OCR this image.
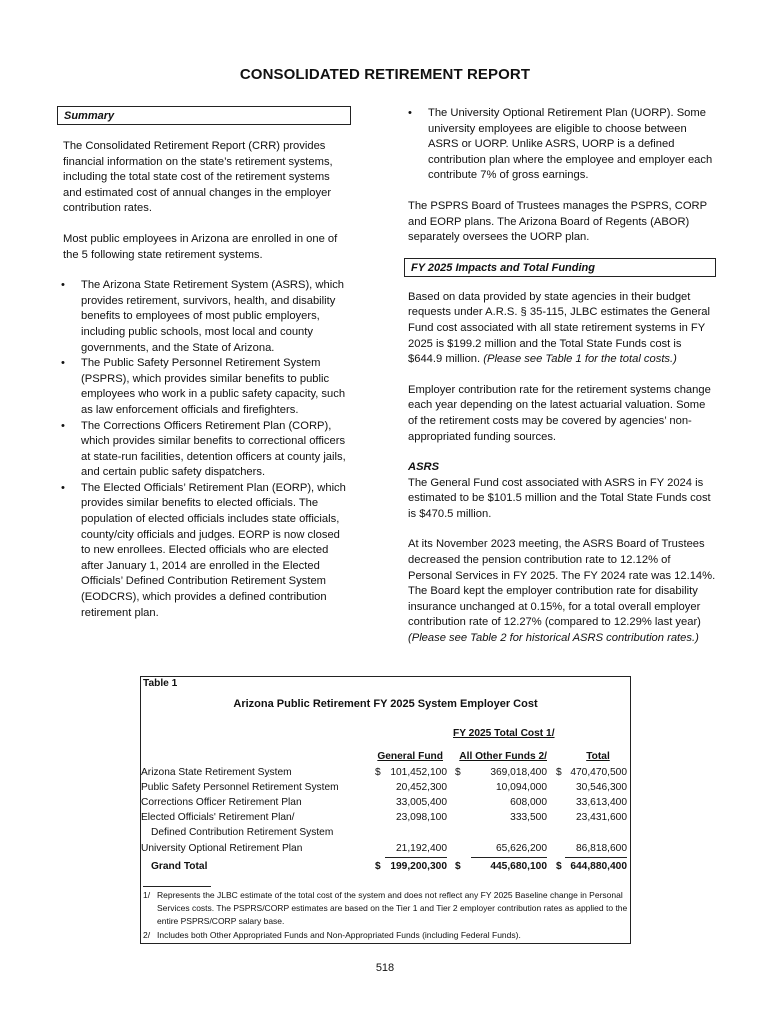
CONSOLIDATED RETIREMENT REPORT
Summary

The Consolidated Retirement Report (CRR) provides financial information on the state’s retirement systems, including the total state cost of the retirement systems and estimated cost of annual changes in the employer contribution rates.

Most public employees in Arizona are enrolled in one of the 5 following state retirement systems.

• The Arizona State Retirement System (ASRS), which provides retirement, survivors, health, and disability benefits to employees of most public employers, including public schools, most local and county governments, and the State of Arizona.
• The Public Safety Personnel Retirement System (PSPRS), which provides similar benefits to public employees who work in a public safety capacity, such as law enforcement officials and firefighters.
• The Corrections Officers Retirement Plan (CORP), which provides similar benefits to correctional officers at state-run facilities, detention officers at county jails, and certain public safety dispatchers.
• The Elected Officials’ Retirement Plan (EORP), which provides similar benefits to elected officials. The population of elected officials includes state officials, county/city officials and judges. EORP is now closed to new enrollees. Elected officials who are elected after January 1, 2014 are enrolled in the Elected Officials’ Defined Contribution Retirement System (EODCRS), which provides a defined contribution retirement plan.
• The University Optional Retirement Plan (UORP). Some university employees are eligible to choose between ASRS or UORP. Unlike ASRS, UORP is a defined contribution plan where the employee and employer each contribute 7% of gross earnings.

The PSPRS Board of Trustees manages the PSPRS, CORP and EORP plans. The Arizona Board of Regents (ABOR) separately oversees the UORP plan.

FY 2025 Impacts and Total Funding

Based on data provided by state agencies in their budget requests under A.R.S. § 35-115, JLBC estimates the General Fund cost associated with all state retirement systems in FY 2025 is $199.2 million and the Total State Funds cost is $644.9 million. (Please see Table 1 for the total costs.)

Employer contribution rate for the retirement systems change each year depending on the latest actuarial valuation. Some of the retirement costs may be covered by agencies’ non-appropriated funding sources.

ASRS

The General Fund cost associated with ASRS in FY 2024 is estimated to be $101.5 million and the Total State Funds cost is $470.5 million.

At its November 2023 meeting, the ASRS Board of Trustees decreased the pension contribution rate to 12.12% of Personal Services in FY 2025. The FY 2024 rate was 12.14%. The Board kept the employer contribution rate for disability insurance unchanged at 0.15%, for a total overall employer contribution rate of 12.27% (compared to 12.29% last year) (Please see Table 2 for historical ASRS contribution rates.)

Table 1
Arizona Public Retirement FY 2025 System Employer Cost
FY 2025 Total Cost 1/
General Fund All Other Funds 2/	Total
Arizona State Retirement System	$ 101,452,100 $	369,018,400 $ 470,470,500
Public Safety Personnel Retirement System	20,452,300	10,094,000	30,546,300
Corrections Officer Retirement Plan	33,005,400	608,000	33,613,400
Elected Officials' Retirement Plan/	23,098,100	333,500	23,431,600
Defined Contribution Retirement System
University Optional Retirement Plan	21,192,400	65,626,200	86,818,600
Grand Total	$ 199,200,300 $	445,680,100 $ 644,880,400
1/ Represents the JLBC estimate of the total cost of the system and does not reflect any FY 2025 Baseline change in Personal Services costs. The PSPRS/CORP estimates are based on the Tier 1 and Tier 2 employer contribution rates as applied to the entire PSPRS/CORP salary base.
2/ Includes both Other Appropriated Funds and Non-Appropriated Funds (including Federal Funds).
518
